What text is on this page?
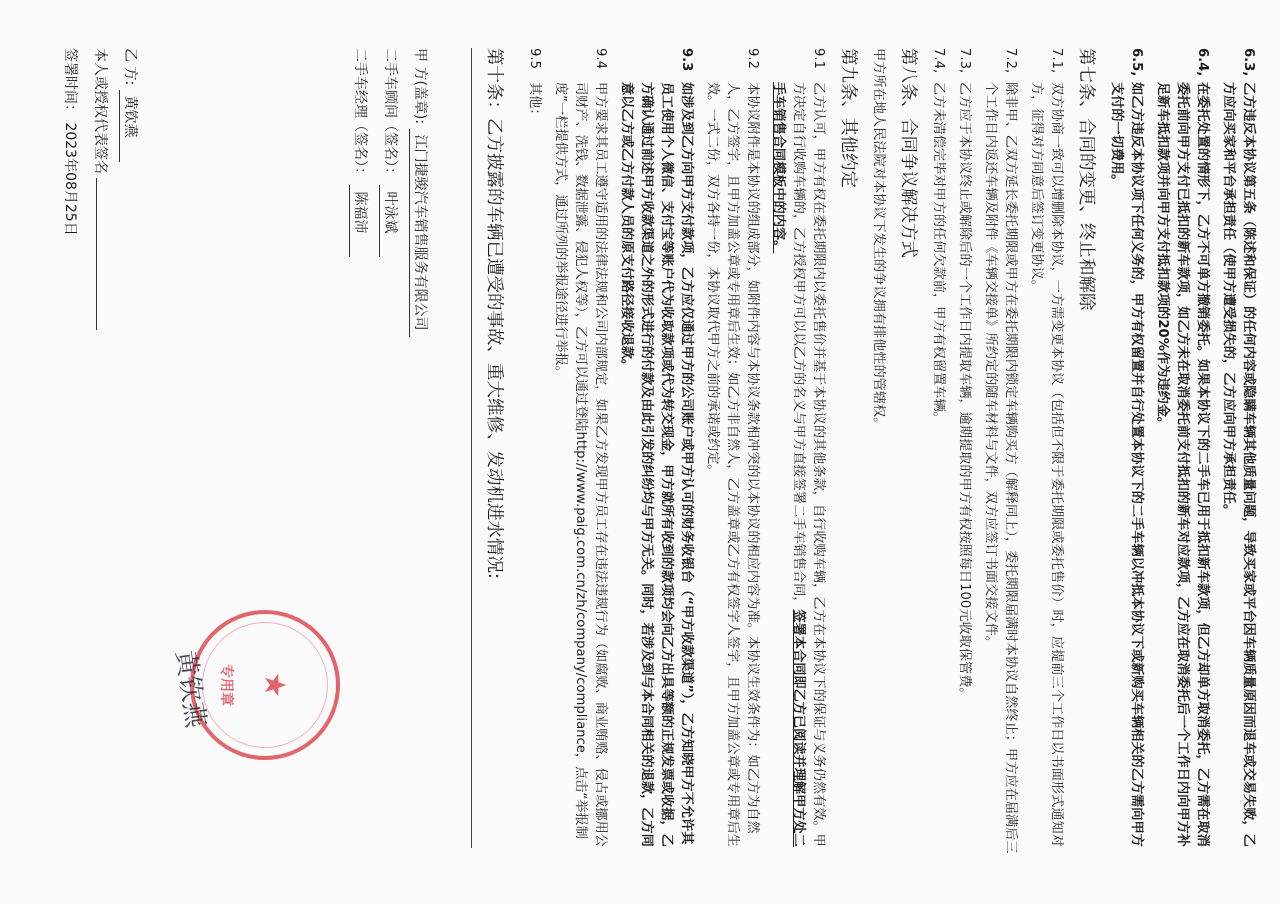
6.3,
乙方违反本协议第五条（陈述和保证）的任何内容或隐瞒车辆其他质量问题，导致买家或平台因车辆质量原因而退车或交易失败，乙方应向买家和平台承担责任（使甲方遭受损失的，乙方应向甲方承担责任。
6.4,
在委托处置的情形下，乙方不可单方撤销委托。如果本协议下的二手车已用于抵扣新车款项，但乙方却单方取消委托，乙方需在取消委托前向甲方支付已抵扣的新车款项，如乙方未在取消委托前支付抵扣的新车对应款项，乙方应在取消委托后一个工作日内向甲方补足新车抵扣款项并向甲方支付抵扣款项的20%作为违约金。
6.5,
如乙方违反本协议项下任何义务的，甲方有权留置并自行处置本协议下的二手车辆以冲抵本协议下或新购买车辆相关的乙方需向甲方支付的一切费用。
第七条、合同的变更、终止和解除
7.1,
双方协商一致可以增删除本协议，一方需变更本协议（包括但不限于委托期限或委托售价）时，应提前三个工作日以书面形式通知对方，征得对方同意后签订变更协议。
7.2,
除非甲、乙双方延长委托期限或甲方在委托期限内锁定车辆购买方（解释同上），委托期限届满时本协议自然终止；甲方应在届满后三个工作日内返还车辆及附件《车辆交接单》所约定的随车材料与文件，双方应签订书面交接文件。
7.3,
乙方应于本协议终止或解除后的一个工作日内提取车辆，逾期提取的甲方有权按照每日100元收取保管费。
7.4,
乙方未清偿完毕对甲方的任何欠款前，甲方有权留置车辆。
第八条、合同争议解决方式
甲方所在地人民法院对本协议下发生的争议拥有排他性的管辖权。
第九条、其他约定
9.1
乙方认可，甲方有权在委托期限内以委托售价并基于本协议的其他条款，自行收购车辆，乙方在本协议下的保证与义务仍然有效。甲方决定自行收购车辆的，乙方授权甲方可以以乙方的名义与甲方直接签署二手车销售合同，签署本合同即乙方已阅读并理解甲方处二手车销售合同模板中的内容。
9.2
本协议附件是本协议的组成部分，如附件内容与本协议条款相冲突的以本协议的相应内容为准。本协议生效条件为：如乙方为自然人，乙方签字，且甲方加盖公章或专用章后生效；如乙方非自然人，乙方盖章或乙方有权签字人签字，且甲方加盖公章或专用章后生效。一式二份，双方各持一份，本协议取代甲方之前的承诺或约定。
9.3
如涉及到乙方向甲方支付款项，乙方应仅通过甲方的公司账户或甲方认可的财务收银台（“甲方收款渠道”），乙方知晓甲方不允许其员工使用个人微信、支付宝等账户代为收取款项或代为转交现金，甲方就所有收到的款项均会向乙方出具等额的正规发票或收据，乙方确认通过前述甲方收款渠道之外的形式进行的付款及由此引发的纠纷均与甲方无关。同时，若涉及到与本合同相关的退款，乙方同意以乙方或乙方付款人员的原支付路径接收退款。
9.4
甲方要求其员工遵守适用的法律法规和公司内部规定，如果乙方发现甲方员工存在违法违规行为（如腐败、商业贿赂、侵占或挪用公司财产、洗钱、数据泄露、侵犯人权等），乙方可以通过登陆http://www.paig.com.cn/zh/company/compliance，点击“举报制度”一栏提供方式，通过所列的举报途径进行举报。
9.5
其他：
第十条：乙方披露的车辆已遭受的事故、重大维修、发动机进水情况:
甲 方(盖章): 江门捷骏汽车销售服务有限公司
二手车顾问（签名）： 叶泳斌
二手车经理（签名）： 陈福沛
乙 方: 黄钦燕
本人或授权代表签名
签署时间： 2023年08月25日
★
专用章
黄钦燕
